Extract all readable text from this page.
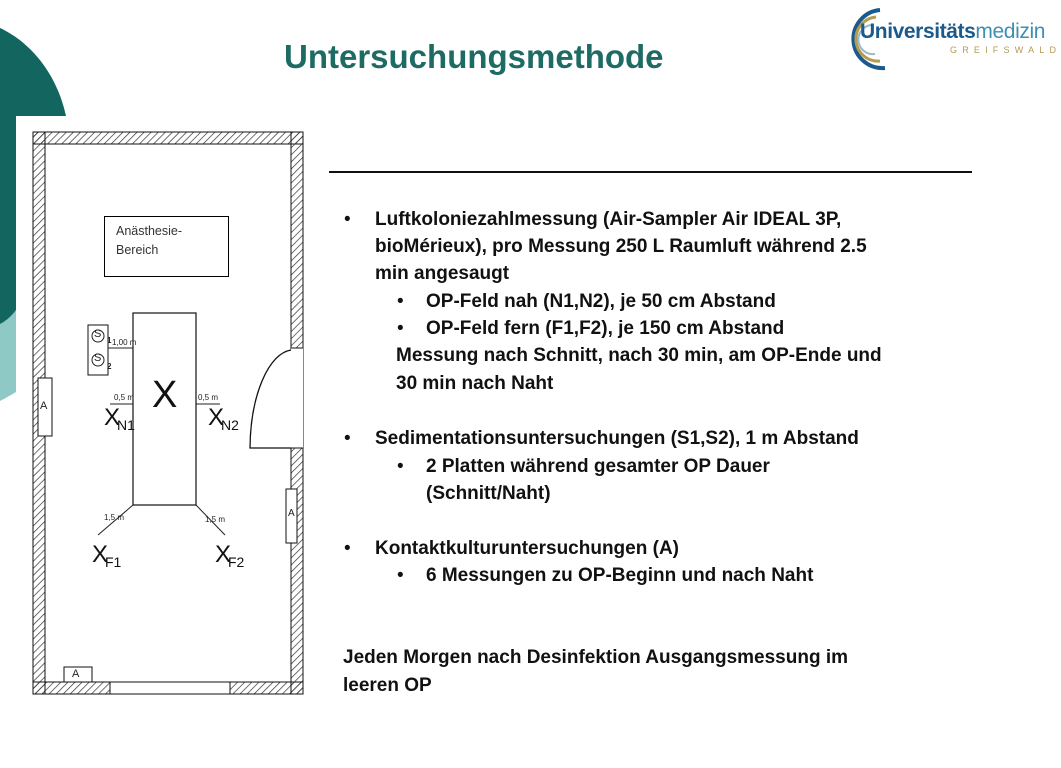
Untersuchungsmethode
Universitätsmedizin
GREIFSWALD
Anästhesie-
Bereich
S
S
1
2
1,00 m
X
0,5 m	0,5 m
X
N1	X
N2
1,5 m	1,5 m
X
F1	X
F2
A
A
A
• Luftkoloniezahlmessung (Air-Sampler Air IDEAL 3P,
bioMérieux), pro Messung 250 L Raumluft während 2.5
min angesaugt
• OP-Feld nah (N1,N2), je 50 cm Abstand
• OP-Feld fern (F1,F2), je 150 cm Abstand
Messung nach Schnitt, nach 30 min, am OP-Ende und
30 min nach Naht
• Sedimentationsuntersuchungen (S1,S2), 1 m Abstand
• 2 Platten während gesamter OP Dauer
(Schnitt/Naht)
• Kontaktkulturuntersuchungen (A)
• 6 Messungen zu OP-Beginn und nach Naht
Jeden Morgen nach Desinfektion Ausgangsmessung im
leeren OP
